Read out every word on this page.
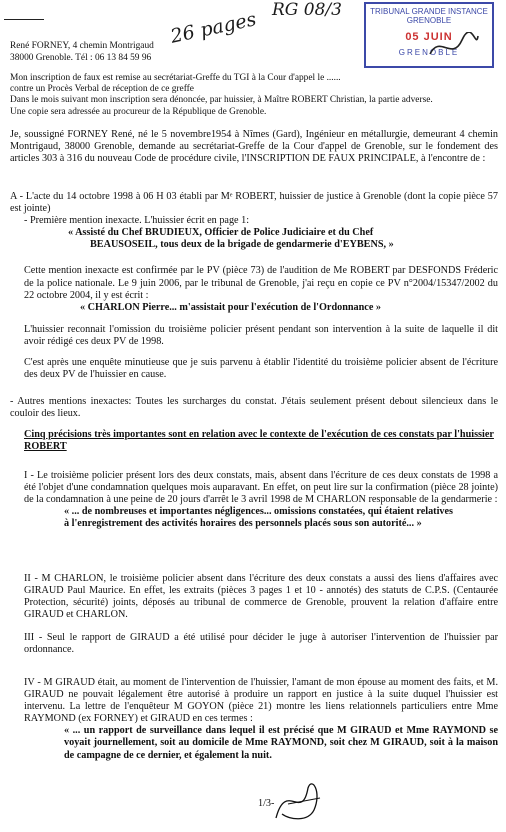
26 pages RG 08/3	TRIBUNAL GRANDE INSTANCE
GRENOBLE
05 JUIN
GRENOBLE
René FORNEY, 4 chemin Montrigaud
38000 Grenoble. Tél : 06 13 84 59 96
Mon inscription de faux est remise au secrétariat-Greffe du TGI à la Cour d'appel le ......
contre un Procès Verbal de réception de ce greffe
Dans le mois suivant mon inscription sera dénoncée, par huissier, à Maître ROBERT Christian, la partie adverse.
Une copie sera adressée au procureur de la République de Grenoble.
Je, soussigné FORNEY René, né le 5 novembre1954 à Nîmes (Gard), Ingénieur en métallurgie, demeurant 4 chemin Montrigaud, 38000 Grenoble, demande au secrétariat-Greffe de la Cour d'appel de Grenoble, sur le fondement des articles 303 à 316 du nouveau Code de procédure civile, l'INSCRIPTION DE FAUX PRINCIPALE, à l'encontre de :
A - L'acte du 14 octobre 1998 à 06 H 03 établi par Mᵉ ROBERT, huissier de justice à Grenoble (dont la copie pièce 57 est jointe)
- Première mention inexacte. L'huissier écrit en page 1:
« Assisté du Chef BRUDIEUX, Officier de Police Judiciaire et du Chef
BEAUSOSEIL, tous deux de la brigade de gendarmerie d'EYBENS, »
Cette mention inexacte est confirmée par le PV (pièce 73) de l'audition de Me ROBERT par DESFONDS Fréderic de la police nationale. Le 9 juin 2006, par le tribunal de Grenoble, j'ai reçu en copie ce PV n°2004/15347/2002 du 22 octobre 2004, il y est écrit :
« CHARLON Pierre... m'assistait pour l'exécution de l'Ordonnance »
L'huissier reconnait l'omission du troisième policier présent pendant son intervention à la suite de laquelle il dit avoir rédigé ces deux PV de 1998.
C'est après une enquête minutieuse que je suis parvenu à établir l'identité du troisième policier absent de l'écriture des deux PV de l'huissier en cause.
- Autres mentions inexactes: Toutes les surcharges du constat. J'étais seulement présent debout silencieux dans le couloir des lieux.
Cinq précisions très importantes sont en relation avec le contexte de l'exécution de ces constats par l'huissier ROBERT
I - Le troisième policier présent lors des deux constats, mais, absent dans l'écriture de ces deux constats de 1998 a été l'objet d'une condamnation quelques mois auparavant. En effet, on peut lire sur la confirmation (pièce 28 jointe) de la condamnation à une peine de 20 jours d'arrêt le 3 avril 1998 de M CHARLON responsable de la gendarmerie :
« ... de nombreuses et importantes négligences... omissions constatées, qui étaient relatives à l'enregistrement des activités horaires des personnels placés sous son autorité... »
II - M CHARLON, le troisième policier absent dans l'écriture des deux constats a aussi des liens d'affaires avec GIRAUD Paul Maurice. En effet, les extraits (pièces 3 pages 1 et 10 - annotés) des statuts de C.P.S. (Centaurée Protection, sécurité) joints, déposés au tribunal de commerce de Grenoble, prouvent la relation d'affaire entre GIRAUD et CHARLON.
III - Seul le rapport de GIRAUD a été utilisé pour décider le juge à autoriser l'intervention de l'huissier par ordonnance.
IV - M GIRAUD était, au moment de l'intervention de l'huissier, l'amant de mon épouse au moment des faits, et M. GIRAUD ne pouvait légalement être autorisé à produire un rapport en justice à la suite duquel l'huissier est intervenu. La lettre de l'enquêteur M GOYON (pièce 21) montre les liens relationnels particuliers entre Mme RAYMOND (ex FORNEY) et GIRAUD en ces termes :
« ... un rapport de surveillance dans lequel il est précisé que M GIRAUD et Mme RAYMOND se voyait journellement, soit au domicile de Mme RAYMOND, soit chez M GIRAUD, soit à la maison de campagne de ce dernier, et également la nuit.
1/3-
